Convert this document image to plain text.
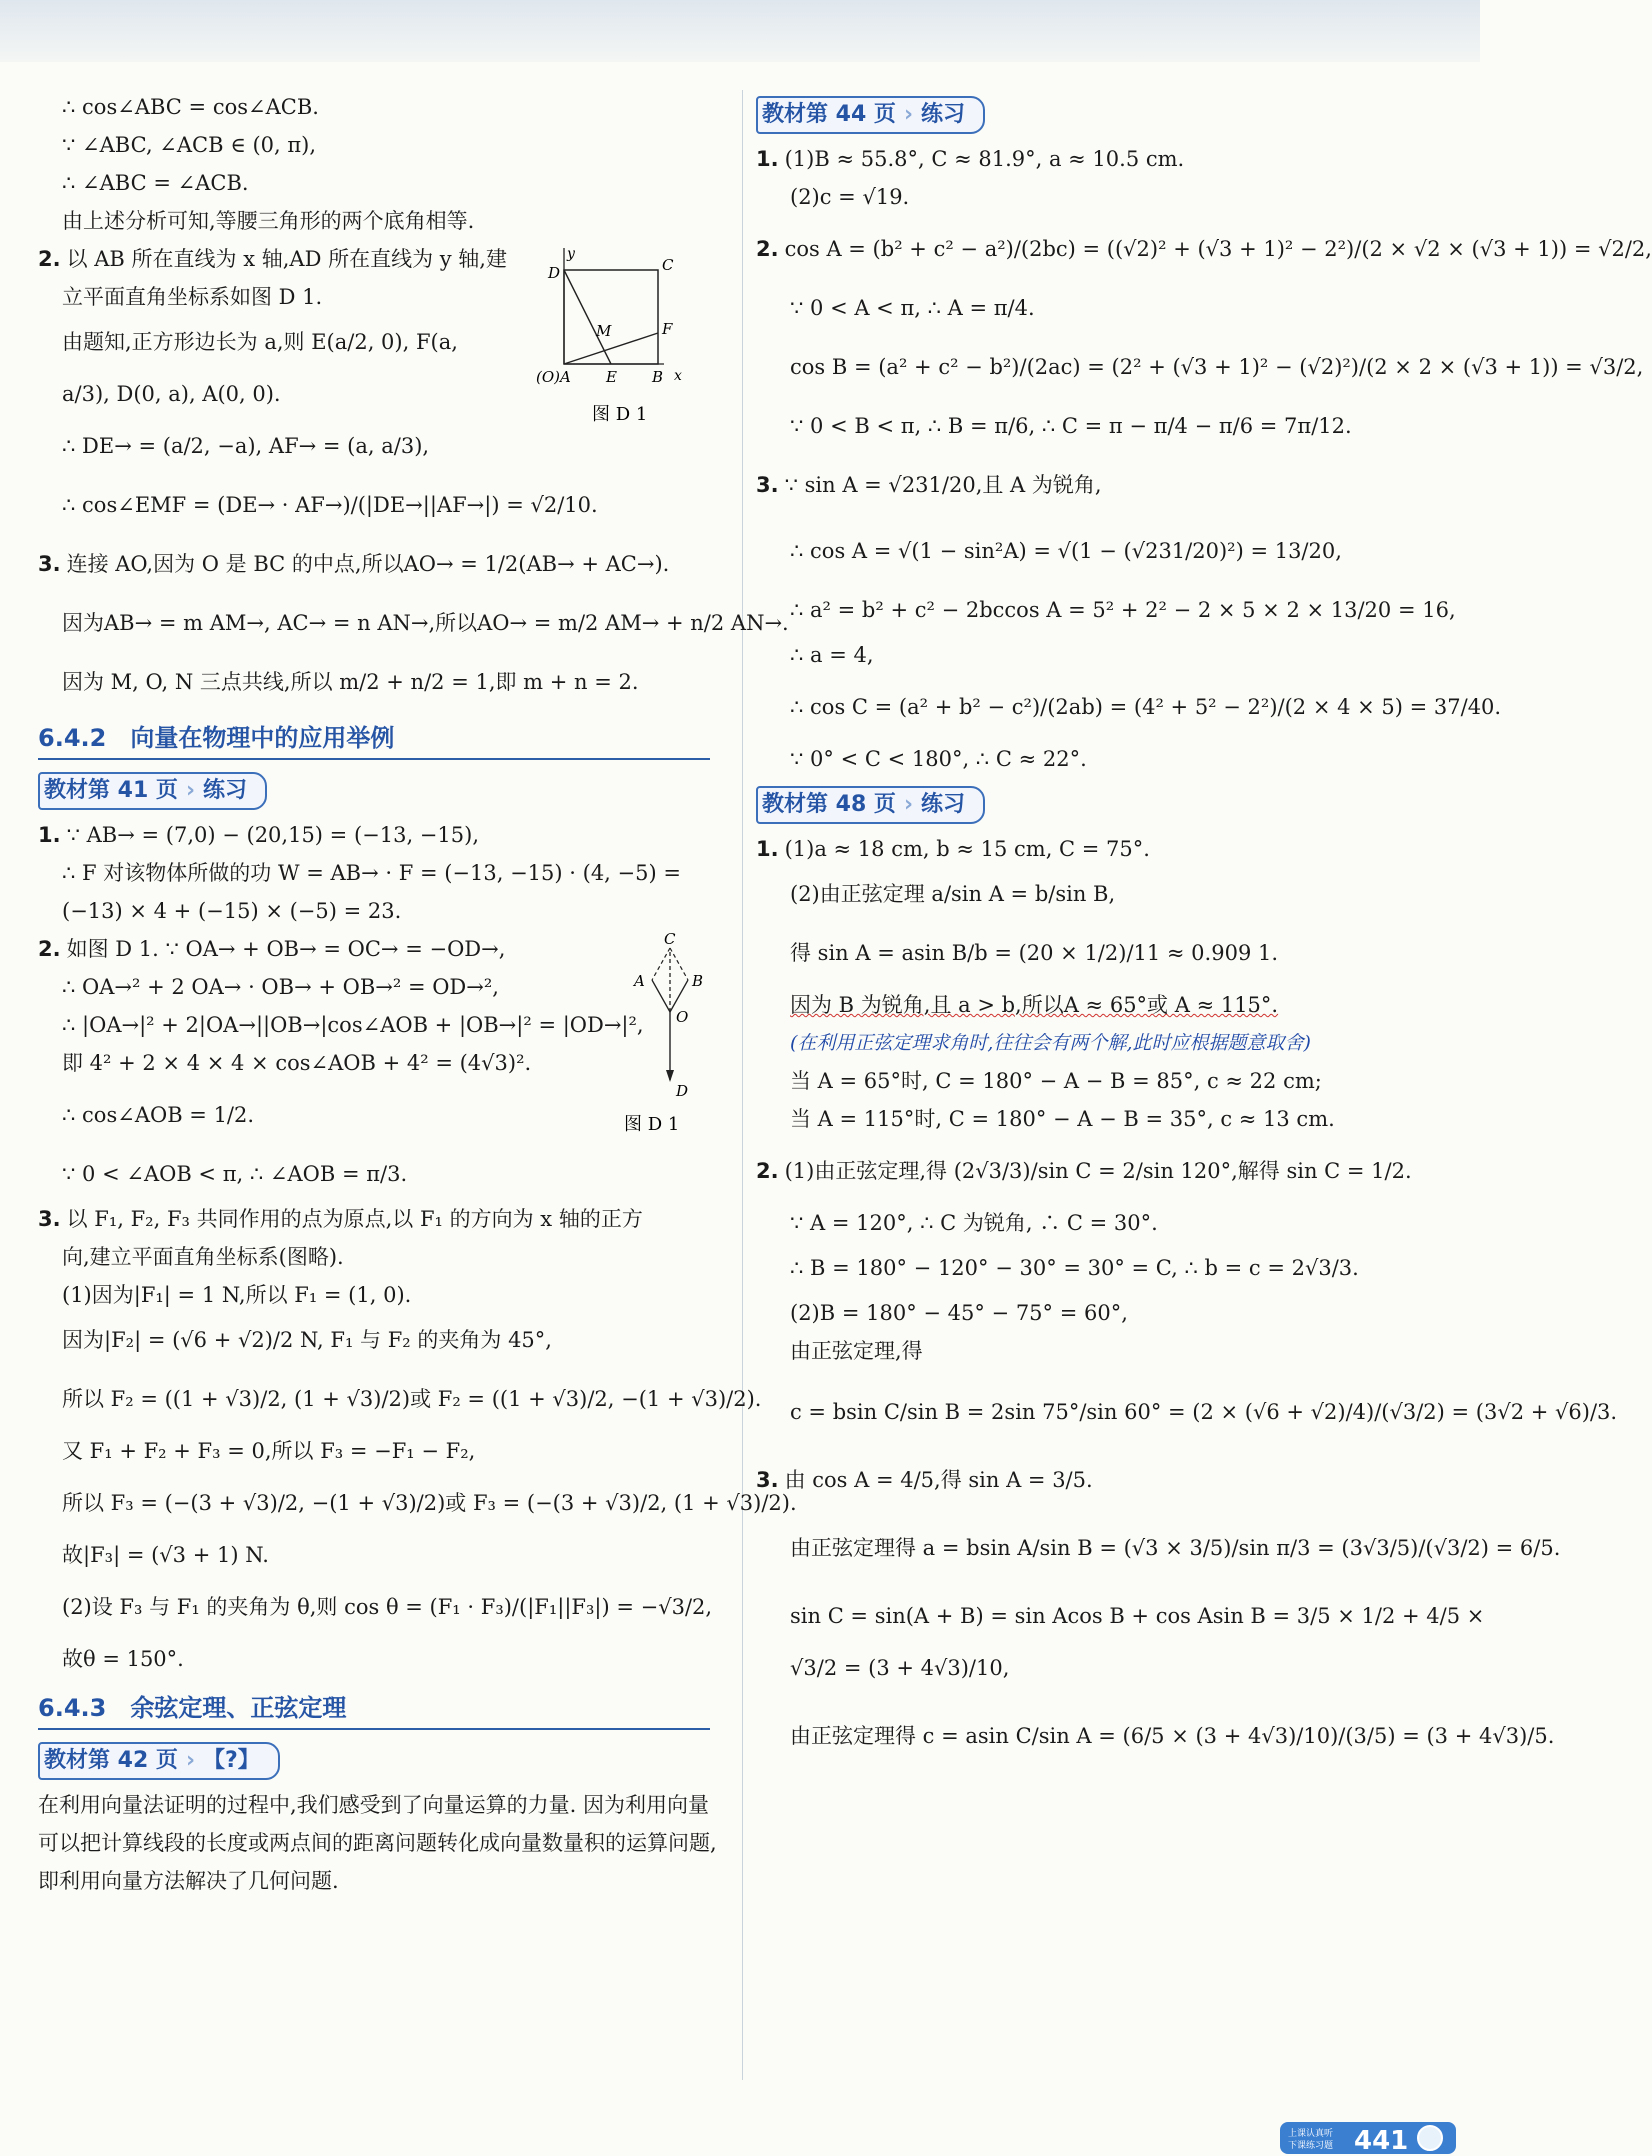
∴ cos∠ABC = cos∠ACB.
∵ ∠ABC, ∠ACB ∈ (0, π),
∴ ∠ABC = ∠ACB.
由上述分析可知,等腰三角形的两个底角相等.
2. 以 AB 所在直线为 x 轴,AD 所在直线为 y 轴,建
立平面直角坐标系如图 D 1.
由题知,正方形边长为 a,则 E(a/2, 0), F(a,
a/3), D(0, a), A(0, 0).
∴ DE→ = (a/2, −a), AF→ = (a, a/3),
∴ cos∠EMF = (DE→ · AF→)/(|DE→||AF→|) = √2/10.
y
D	C
M	F
(O)A E B x
图 D 1
3. 连接 AO,因为 O 是 BC 的中点,所以AO→ = 1/2(AB→ + AC→).
因为AB→ = m AM→, AC→ = n AN→,所以AO→ = m/2 AM→ + n/2 AN→.
因为 M, O, N 三点共线,所以 m/2 + n/2 = 1,即 m + n = 2.
6.4.2　向量在物理中的应用举例
教材第 41 页 › 练习
1. ∵ AB→ = (7,0) − (20,15) = (−13, −15),
∴ F 对该物体所做的功 W = AB→ · F = (−13, −15) · (4, −5) =
(−13) × 4 + (−15) × (−5) = 23.
2. 如图 D 1. ∵ OA→ + OB→ = OC→ = −OD→,
∴ OA→² + 2 OA→ · OB→ + OB→² = OD→²,
∴ |OA→|² + 2|OA→||OB→|cos∠AOB + |OB→|² = |OD→|²,
即 4² + 2 × 4 × 4 × cos∠AOB + 4² = (4√3)².
∴ cos∠AOB = 1/2.
∵ 0 < ∠AOB < π, ∴ ∠AOB = π/3.
C
A	B
O
D
图 D 1
3. 以 F₁, F₂, F₃ 共同作用的点为原点,以 F₁ 的方向为 x 轴的正方
向,建立平面直角坐标系(图略).
(1)因为|F₁| = 1 N,所以 F₁ = (1, 0).
因为|F₂| = (√6 + √2)/2 N, F₁ 与 F₂ 的夹角为 45°,
所以 F₂ = ((1 + √3)/2, (1 + √3)/2)或 F₂ = ((1 + √3)/2, −(1 + √3)/2).
又 F₁ + F₂ + F₃ = 0,所以 F₃ = −F₁ − F₂,
所以 F₃ = (−(3 + √3)/2, −(1 + √3)/2)或 F₃ = (−(3 + √3)/2, (1 + √3)/2).
故|F₃| = (√3 + 1) N.
(2)设 F₃ 与 F₁ 的夹角为 θ,则 cos θ = (F₁ · F₃)/(|F₁||F₃|) = −√3/2,
故θ = 150°.
6.4.3　余弦定理、正弦定理
教材第 42 页 › 【?】
在利用向量法证明的过程中,我们感受到了向量运算的力量. 因为利用向量可以把计算线段的长度或两点间的距离问题转化成向量数量积的运算问题,即利用向量方法解决了几何问题.
教材第 44 页 › 练习
1. (1)B ≈ 55.8°, C ≈ 81.9°, a ≈ 10.5 cm.
(2)c = √19.
2. cos A = (b² + c² − a²)/(2bc) = ((√2)² + (√3 + 1)² − 2²)/(2 × √2 × (√3 + 1)) = √2/2,
∵ 0 < A < π, ∴ A = π/4.
cos B = (a² + c² − b²)/(2ac) = (2² + (√3 + 1)² − (√2)²)/(2 × 2 × (√3 + 1)) = √3/2,
∵ 0 < B < π, ∴ B = π/6, ∴ C = π − π/4 − π/6 = 7π/12.
3. ∵ sin A = √231/20,且 A 为锐角,
∴ cos A = √(1 − sin²A) = √(1 − (√231/20)²) = 13/20,
∴ a² = b² + c² − 2bccos A = 5² + 2² − 2 × 5 × 2 × 13/20 = 16,
∴ a = 4,
∴ cos C = (a² + b² − c²)/(2ab) = (4² + 5² − 2²)/(2 × 4 × 5) = 37/40.
∵ 0° < C < 180°, ∴ C ≈ 22°.
教材第 48 页 › 练习
1. (1)a ≈ 18 cm, b ≈ 15 cm, C = 75°.
(2)由正弦定理 a/sin A = b/sin B,
得 sin A = asin B/b = (20 × 1/2)/11 ≈ 0.909 1.
因为 B 为锐角,且 a > b,所以A ≈ 65°或 A ≈ 115°.
(在利用正弦定理求角时,往往会有两个解,此时应根据题意取舍)
当 A = 65°时, C = 180° − A − B = 85°, c ≈ 22 cm;
当 A = 115°时, C = 180° − A − B = 35°, c ≈ 13 cm.
2. (1)由正弦定理,得 (2√3/3)/sin C = 2/sin 120°,解得 sin C = 1/2.
∵ A = 120°, ∴ C 为锐角, ∴ C = 30°.
∴ B = 180° − 120° − 30° = 30° = C, ∴ b = c = 2√3/3.
(2)B = 180° − 45° − 75° = 60°,
由正弦定理,得
c = bsin C/sin B = 2sin 75°/sin 60° = (2 × (√6 + √2)/4)/(√3/2) = (3√2 + √6)/3.
3. 由 cos A = 4/5,得 sin A = 3/5.
由正弦定理得 a = bsin A/sin B = (√3 × 3/5)/sin π/3 = (3√3/5)/(√3/2) = 6/5.
sin C = sin(A + B) = sin Acos B + cos Asin B = 3/5 × 1/2 + 4/5 ×
√3/2 = (3 + 4√3)/10,
由正弦定理得 c = asin C/sin A = (6/5 × (3 + 4√3)/10)/(3/5) = (3 + 4√3)/5.
上课认真听
下课练习题 441
